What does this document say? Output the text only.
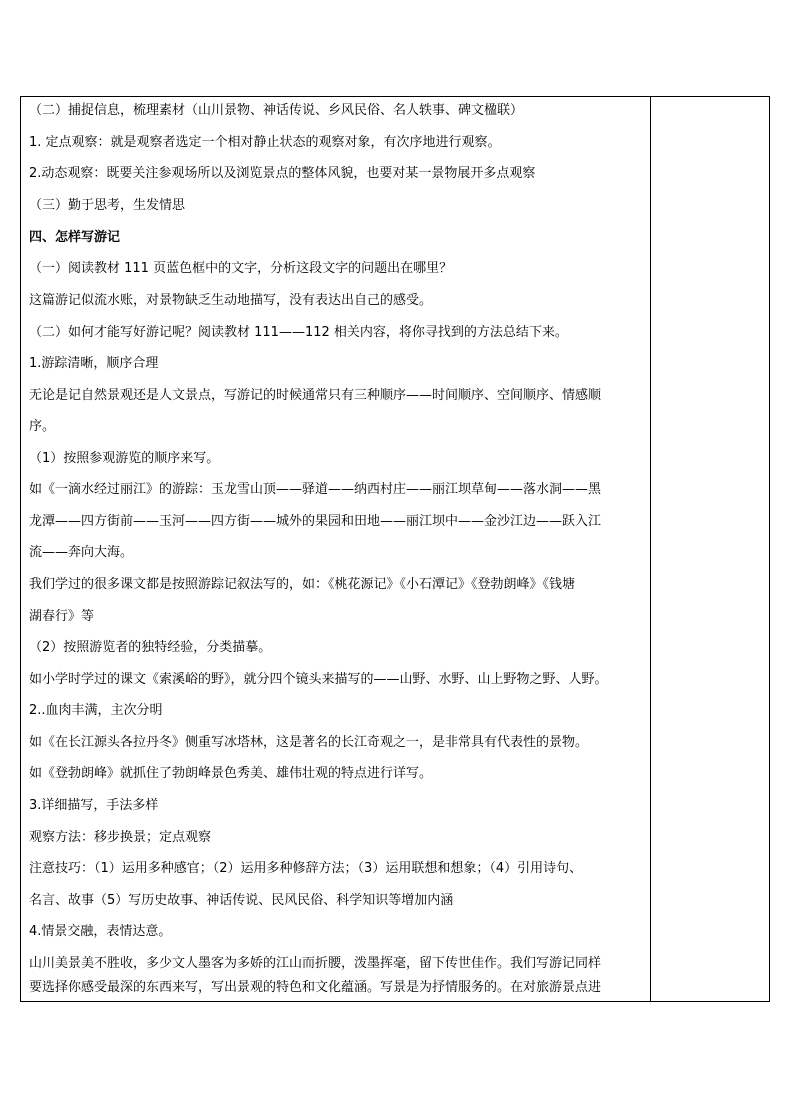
（二）捕捉信息，梳理素材（山川景物、神话传说、乡风民俗、名人轶事、碑文楹联）
1. 定点观察：就是观察者选定一个相对静止状态的观察对象，有次序地进行观察。
2.动态观察：既要关注参观场所以及浏览景点的整体风貌，也要对某一景物展开多点观察
（三）勤于思考，生发情思
四、怎样写游记
（一）阅读教材 111 页蓝色框中的文字，分析这段文字的问题出在哪里？
这篇游记似流水账，对景物缺乏生动地描写，没有表达出自己的感受。
（二）如何才能写好游记呢？阅读教材 111——112 相关内容，将你寻找到的方法总结下来。
1.游踪清晰，顺序合理
无论是记自然景观还是人文景点，写游记的时候通常只有三种顺序——时间顺序、空间顺序、情感顺
序。
（1）按照参观游览的顺序来写。
如《一滴水经过丽江》的游踪：玉龙雪山顶——驿道——纳西村庄——丽江坝草甸——落水洞——黑
龙潭——四方街前——玉河——四方街——城外的果园和田地——丽江坝中——金沙江边——跃入江
流——奔向大海。
我们学过的很多课文都是按照游踪记叙法写的，如：《桃花源记》《小石潭记》《登勃朗峰》《钱塘
湖春行》等
（2）按照游览者的独特经验，分类描摹。
如小学时学过的课文《索溪峪的野》，就分四个镜头来描写的——山野、水野、山上野物之野、人野。
2..血肉丰满，主次分明
如《在长江源头各拉丹冬》侧重写冰塔林，这是著名的长江奇观之一，是非常具有代表性的景物。
如《登勃朗峰》就抓住了勃朗峰景色秀美、雄伟壮观的特点进行详写。
3.详细描写，手法多样
观察方法：移步换景；定点观察
注意技巧：（1）运用多种感官；（2）运用多种修辞方法；（3）运用联想和想象；（4）引用诗句、
名言、故事（5）写历史故事、神话传说、民风民俗、科学知识等增加内涵
4.情景交融，表情达意。
山川美景美不胜收，多少文人墨客为多娇的江山而折腰，泼墨挥毫，留下传世佳作。我们写游记同样
要选择你感受最深的东西来写，写出景观的特色和文化蕴涵。写景是为抒情服务的。在对旅游景点进
